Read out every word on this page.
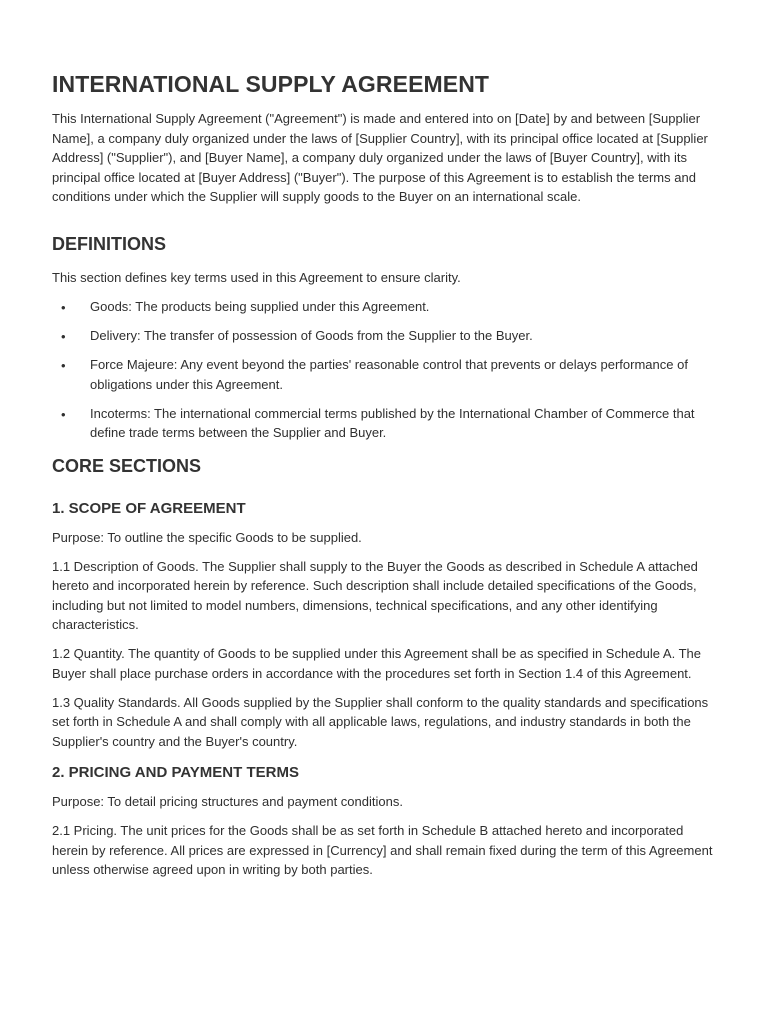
INTERNATIONAL SUPPLY AGREEMENT

This International Supply Agreement ("Agreement") is made and entered into on [Date] by and between [Supplier Name], a company duly organized under the laws of [Supplier Country], with its principal office located at [Supplier Address] ("Supplier"), and [Buyer Name], a company duly organized under the laws of [Buyer Country], with its principal office located at [Buyer Address] ("Buyer"). The purpose of this Agreement is to establish the terms and conditions under which the Supplier will supply goods to the Buyer on an international scale.

DEFINITIONS

This section defines key terms used in this Agreement to ensure clarity.

• Goods: The products being supplied under this Agreement.
• Delivery: The transfer of possession of Goods from the Supplier to the Buyer.
• Force Majeure: Any event beyond the parties' reasonable control that prevents or delays performance of obligations under this Agreement.
• Incoterms: The international commercial terms published by the International Chamber of Commerce that define trade terms between the Supplier and Buyer.
CORE SECTIONS
1. SCOPE OF AGREEMENT

Purpose: To outline the specific Goods to be supplied.

1.1 Description of Goods. The Supplier shall supply to the Buyer the Goods as described in Schedule A attached hereto and incorporated herein by reference. Such description shall include detailed specifications of the Goods, including but not limited to model numbers, dimensions, technical specifications, and any other identifying characteristics.

1.2 Quantity. The quantity of Goods to be supplied under this Agreement shall be as specified in Schedule A. The Buyer shall place purchase orders in accordance with the procedures set forth in Section 1.4 of this Agreement.

1.3 Quality Standards. All Goods supplied by the Supplier shall conform to the quality standards and specifications set forth in Schedule A and shall comply with all applicable laws, regulations, and industry standards in both the Supplier's country and the Buyer's country.

2. PRICING AND PAYMENT TERMS

Purpose: To detail pricing structures and payment conditions.

2.1 Pricing. The unit prices for the Goods shall be as set forth in Schedule B attached hereto and incorporated herein by reference. All prices are expressed in [Currency] and shall remain fixed during the term of this Agreement unless otherwise agreed upon in writing by both parties.
